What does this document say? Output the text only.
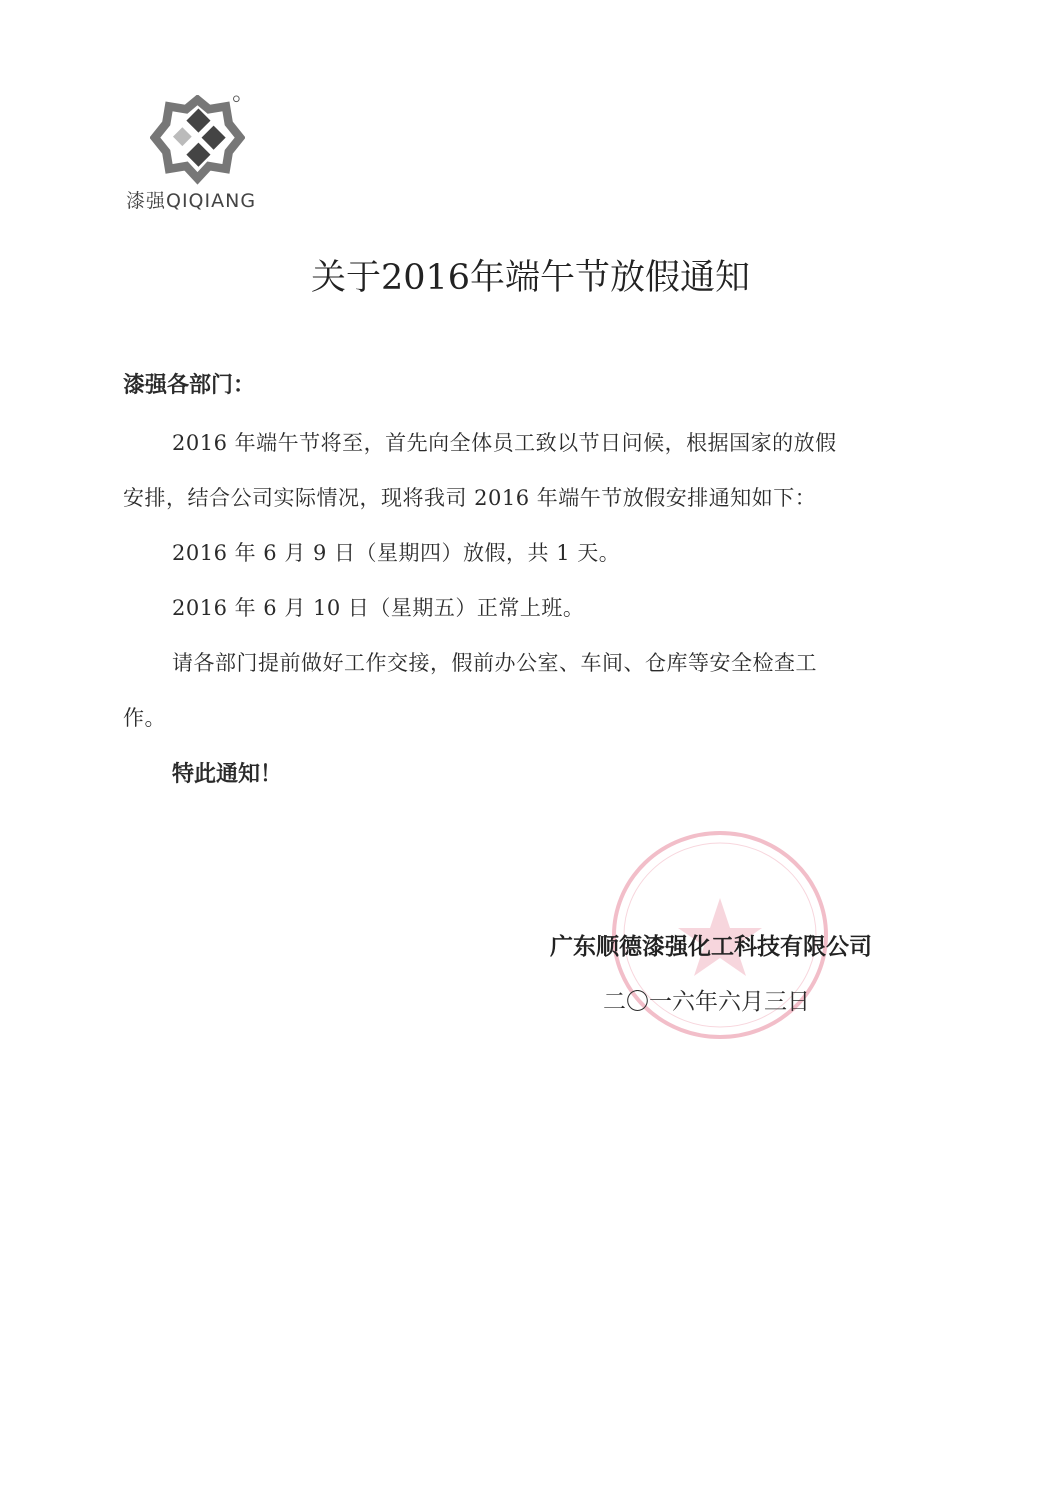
漆强QIQIANG
关于2016年端午节放假通知
漆强各部门：
2016 年端午节将至，首先向全体员工致以节日问候，根据国家的放假
安排，结合公司实际情况，现将我司 2016 年端午节放假安排通知如下：
2016 年 6 月 9 日（星期四）放假，共 1 天。
2016 年 6 月 10 日（星期五）正常上班。
请各部门提前做好工作交接，假前办公室、车间、仓库等安全检查工
作。
特此通知！
广东顺德漆强化工科技有限公司
二〇一六年六月三日
